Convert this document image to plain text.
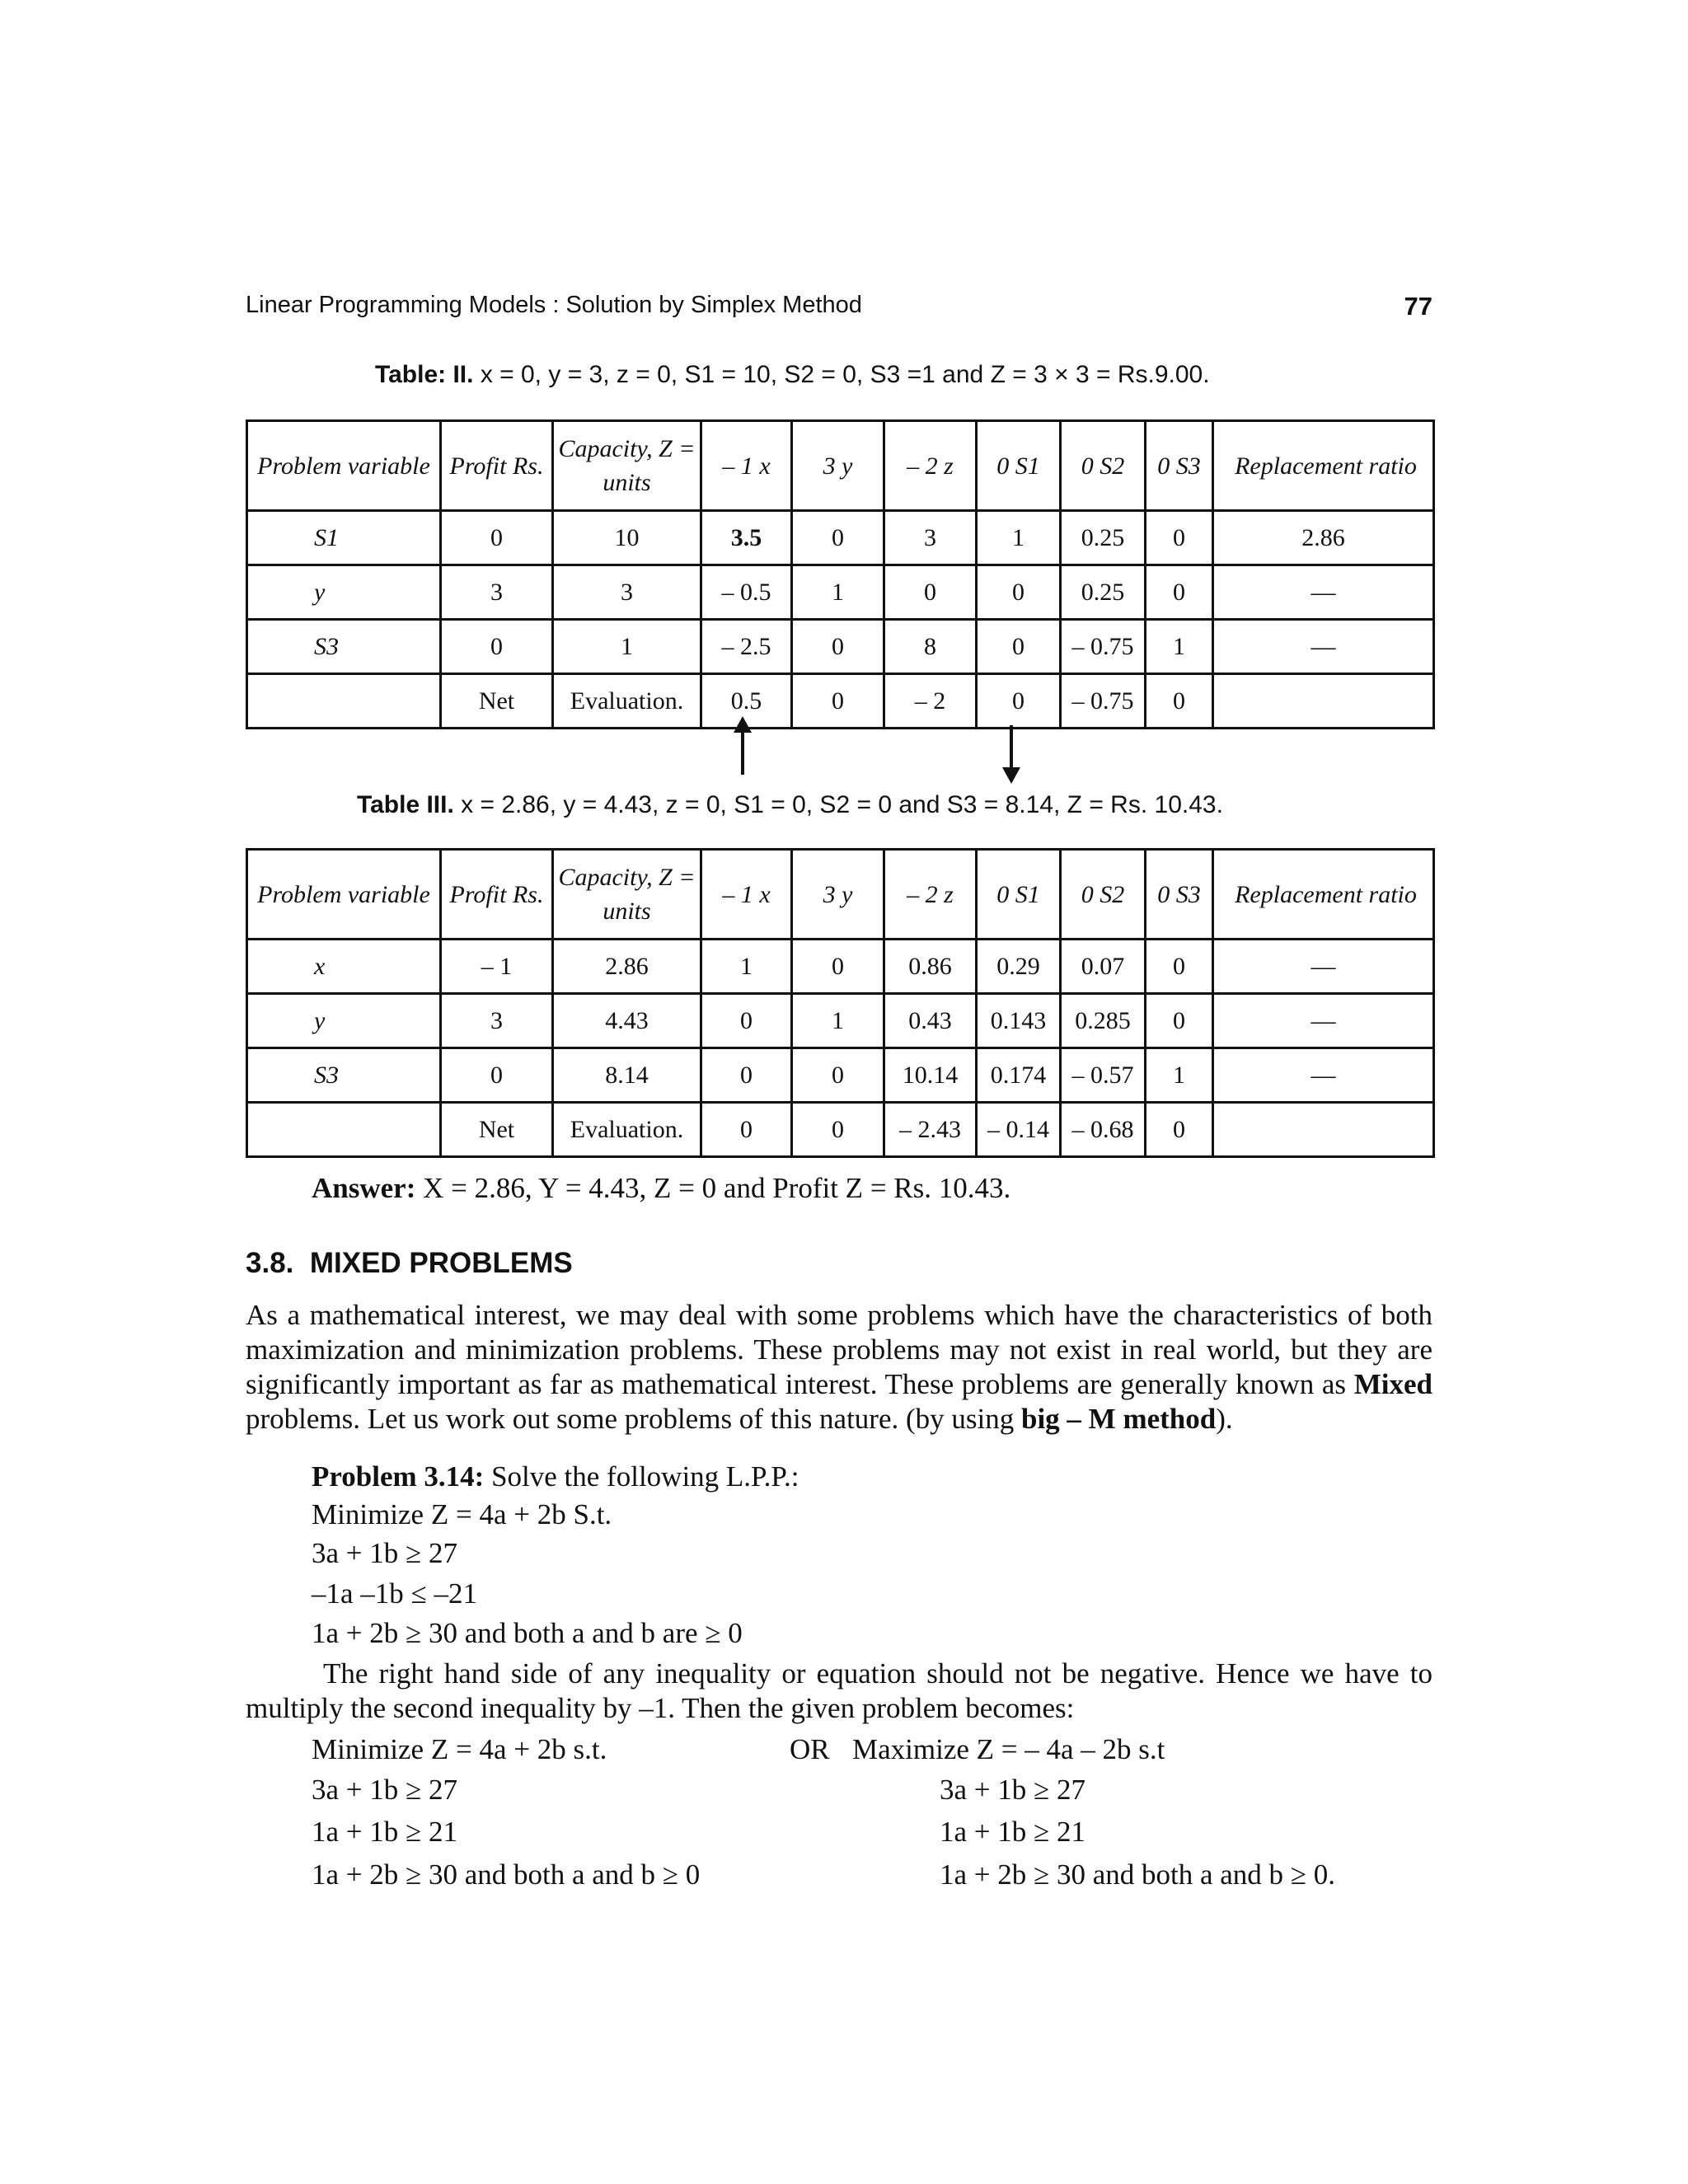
Linear Programming Models : Solution by Simplex Method	77
Table: II. x = 0, y = 3, z = 0, S1 = 10, S2 = 0, S3 =1 and Z = 3 × 3 = Rs.9.00.
Problem variable	Profit Rs.	Capacity, Z = units	– 1 x	3 y	– 2 z	0 S1	0 S2	0 S3	Replacement ratio
S1	0	10	3.5	0	3	1	0.25	0	2.86
y	3	3	– 0.5	1	0	0	0.25	0	—
S3	0	1	– 2.5	0	8	0	– 0.75	1	—
	Net	Evaluation.	0.5	0	– 2	0	– 0.75	0	
Table III. x = 2.86, y = 4.43, z = 0, S1 = 0, S2 = 0 and S3 = 8.14, Z = Rs. 10.43.
Problem variable	Profit Rs.	Capacity, Z = units	– 1 x	3 y	– 2 z	0 S1	0 S2	0 S3	Replacement ratio
x	– 1	2.86	1	0	0.86	0.29	0.07	0	—
y	3	4.43	0	1	0.43	0.143	0.285	0	—
S3	0	8.14	0	0	10.14	0.174	– 0.57	1	—
	Net	Evaluation.	0	0	– 2.43	– 0.14	– 0.68	0	
Answer: X = 2.86, Y = 4.43, Z = 0 and Profit Z = Rs. 10.43.
3.8. MIXED PROBLEMS
As a mathematical interest, we may deal with some problems which have the characteristics of both maximization and minimization problems. These problems may not exist in real world, but they are significantly important as far as mathematical interest. These problems are generally known as Mixed problems. Let us work out some problems of this nature. (by using big – M method).
Problem 3.14: Solve the following L.P.P.:
Minimize Z = 4a + 2b S.t.
3a + 1b ≥ 27
–1a –1b ≤ –21
1a + 2b ≥ 30 and both a and b are ≥ 0
The right hand side of any inequality or equation should not be negative. Hence we have to multiply the second inequality by –1. Then the given problem becomes:
Minimize Z = 4a + 2b s.t.	OR Maximize Z = – 4a – 2b s.t
3a + 1b ≥ 27	3a + 1b ≥ 27
1a + 1b ≥ 21	1a + 1b ≥ 21
1a + 2b ≥ 30 and both a and b ≥ 0	1a + 2b ≥ 30 and both a and b ≥ 0.
